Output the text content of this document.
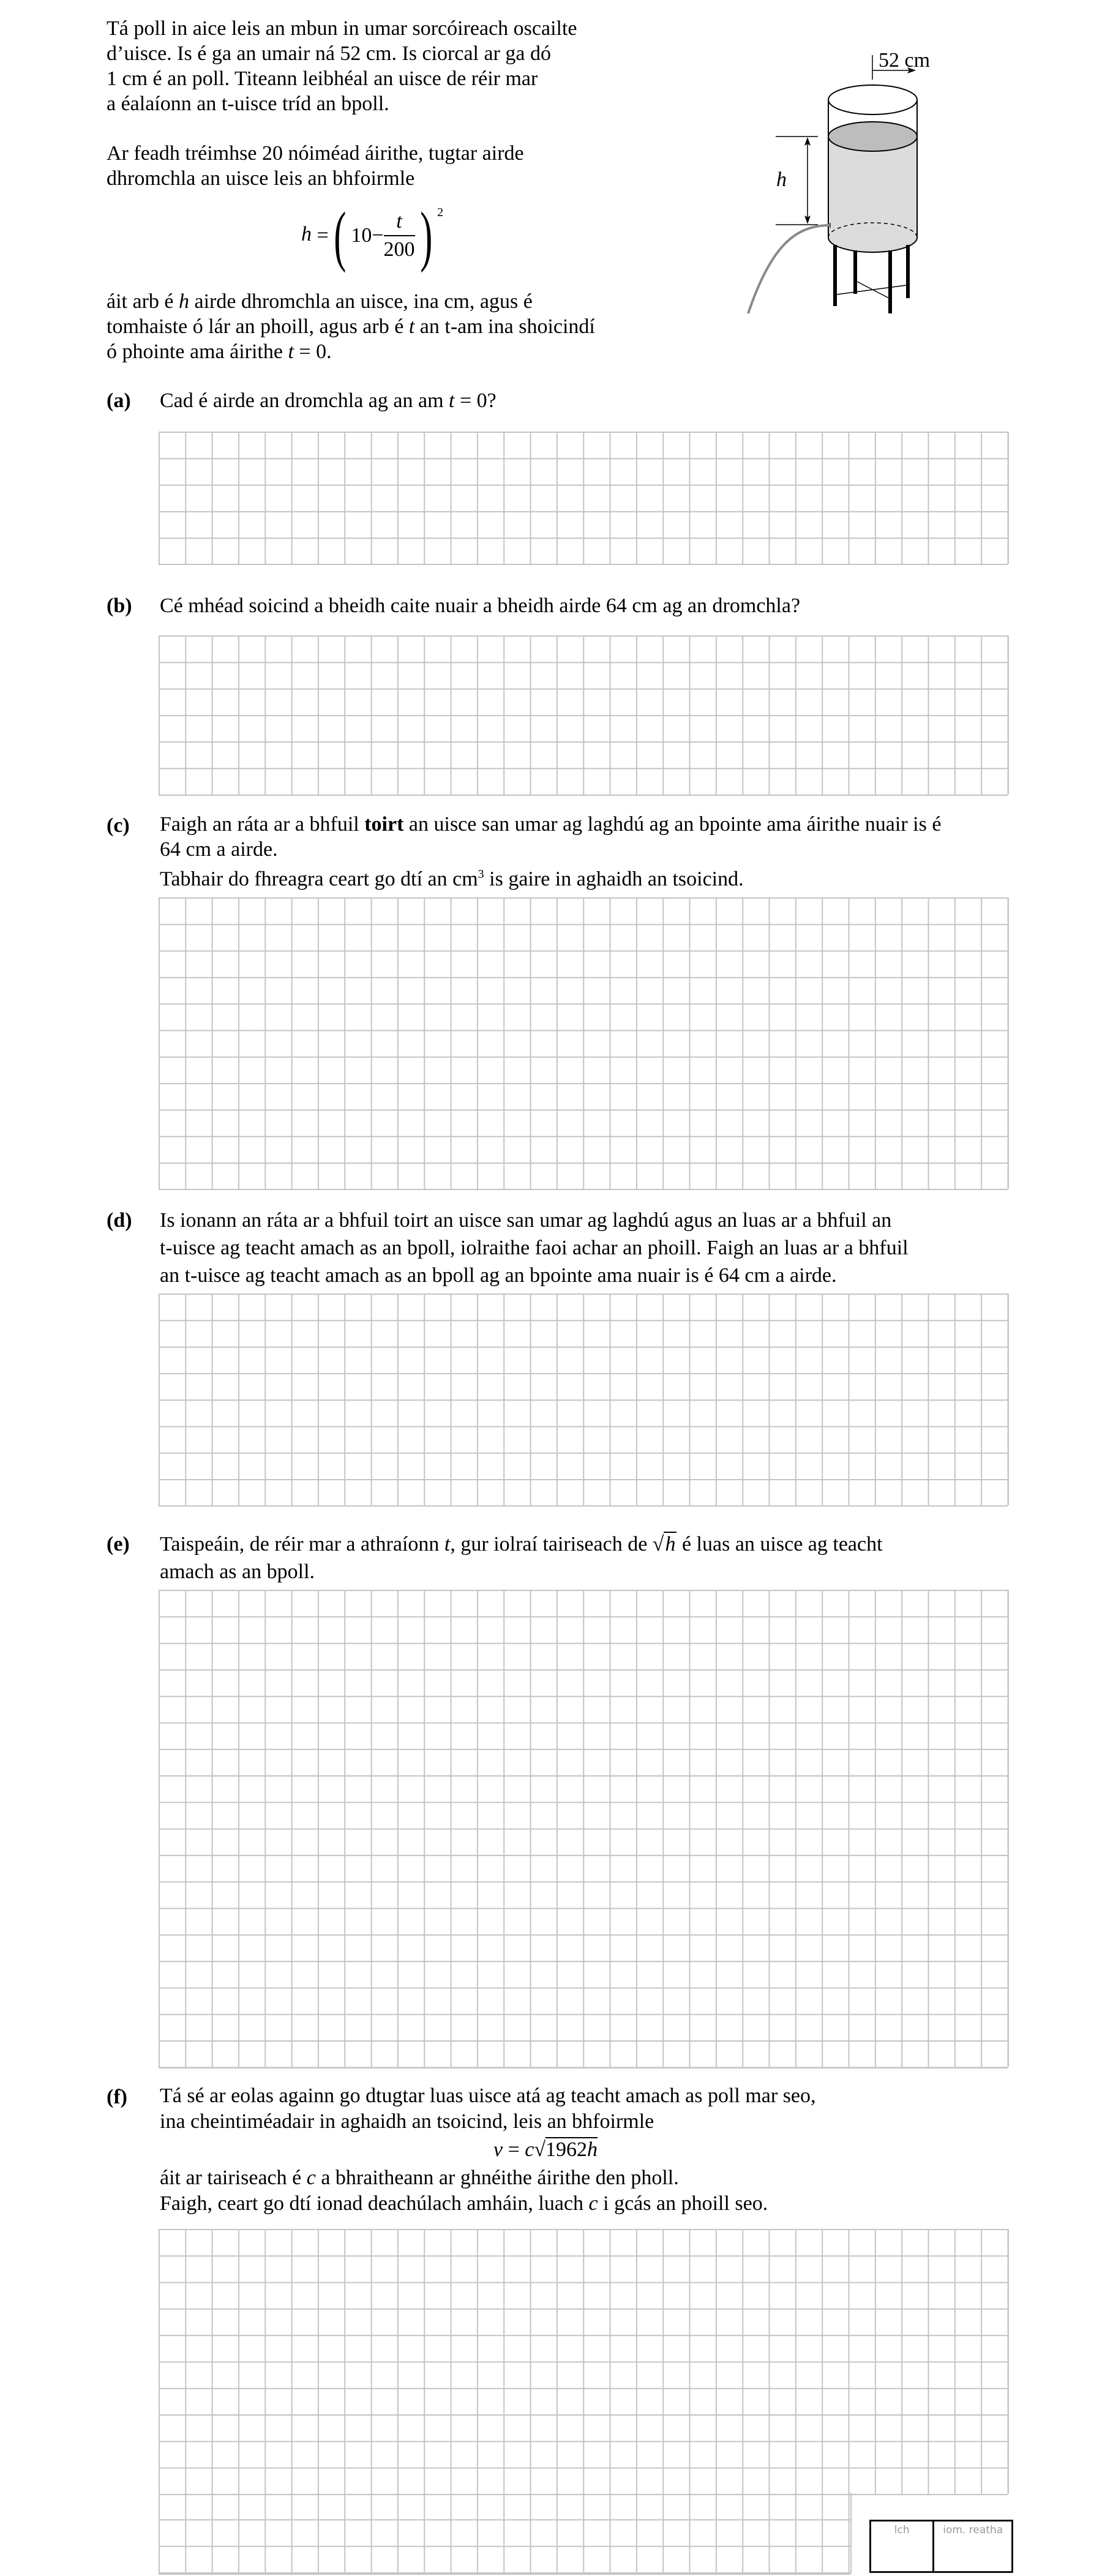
Tá poll in aice leis an mbun in umar sorcóireach oscailte
d’uisce. Is é ga an umair ná 52 cm. Is ciorcal ar ga dó
1 cm é an poll. Titeann leibhéal an uisce de réir mar
a éalaíonn an t-uisce tríd an bpoll.
Ar feadh tréimhse 20 nóiméad áirithe, tugtar airde
dhromchla an uisce leis an bhfoirmle
h =( $10- \frac{t}{200}$ ) $^2$
áit arb é h airde dhromchla an uisce, ina cm, agus é
tomhaiste ó lár an phoill, agus arb é t an t-am ina shoicindí
ó phointe ama áirithe t = 0.
52 cm
h
(a) Cad é airde an dromchla ag an am t = 0?
(b) Cé mhéad soicind a bheidh caite nuair a bheidh airde 64 cm ag an dromchla?
(c) Faigh an ráta ar a bhfuil toirt an uisce san umar ag laghdú ag an bpointe ama áirithe nuair is é
64 cm a airde.
Tabhair do fhreagra ceart go dtí an $cm^3$ is gaire in aghaidh an tsoicind.
(d) Is ionann an ráta ar a bhfuil toirt an uisce san umar ag laghdú agus an luas ar a bhfuil an
t-uisce ag teacht amach as an bpoll, iolraithe faoi achar an phoill. Faigh an luas ar a bhfuil
an t-uisce ag teacht amach as an bpoll ag an bpointe ama nuair is é 64 cm a airde.
(e) Taispeáin, de réir mar a athraíonn t, gur iolraí tairiseach de √h é luas an uisce ag teacht
amach as an bpoll.
(f) Tá sé ar eolas againn go dtugtar luas uisce atá ag teacht amach as poll mar seo,
ina cheintiméadair in aghaidh an tsoicind, leis an bhfoirmle
v = c√1962h
áit ar tairiseach é c a bhraitheann ar ghnéithe áirithe den pholl.
Faigh, ceart go dtí ionad deachúlach amháin, luach c i gcás an phoill seo.
lch	iom. reatha
